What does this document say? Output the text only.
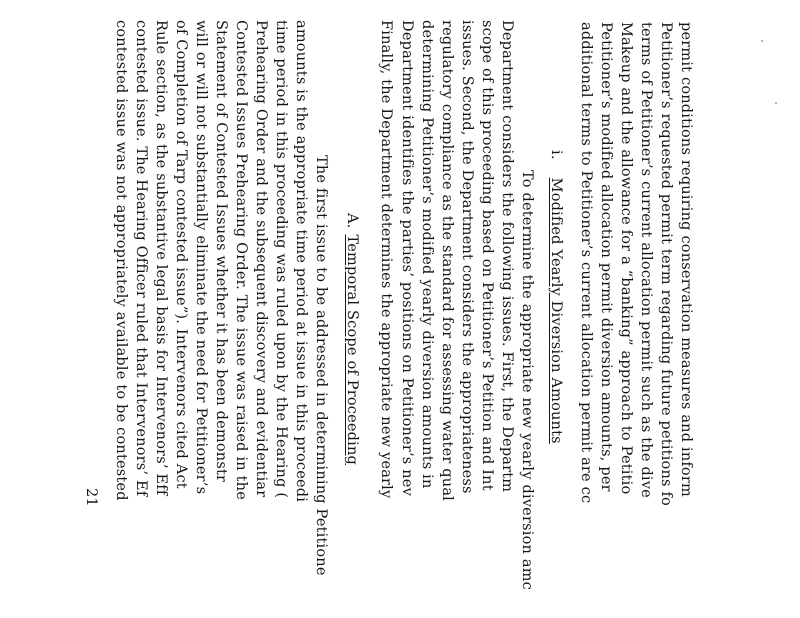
permit conditions requiring conservation measures and inform
Petitioner’s requested permit term regarding future petitions fo
terms of Petitioner’s current allocation permit such as the dive
Makeup and the allowance for a “banking” approach to Petitio
Petitioner’s modified allocation permit diversion amounts, per
additional terms to Petitioner’s current allocation permit are cc
i.Modified Yearly Diversion Amounts
To determine the appropriate new yearly diversion amc
Department considers the following issues. First, the Departm
scope of this proceeding based on Petitioner’s Petition and Int
issues. Second, the Department considers the appropriateness
regulatory compliance as the standard for assessing water qual
determining Petitioner’s modified yearly diversion amounts in
Department identifies the parties’ positions on Petitioner’s nev
Finally, the Department determines the appropriate new yearly
A.Temporal Scope of Proceeding
The first issue to be addressed in determining Petitione
amounts is the appropriate time period at issue in this proceedi
time period in this proceeding was ruled upon by the Hearing (
Prehearing Order and the subsequent discovery and evidentiar
Contested Issues Prehearing Order. The issue was raised in the
Statement of Contested Issues whether it has been demonstr
will or will not substantially eliminate the need for Petitioner’s
of Completion of Tarp contested issue”). Intervenors cited Act
Rule section, as the substantive legal basis for Intervenors’ Eff
contested issue. The Hearing Officer ruled that Intervenors’ Ef
contested issue was not appropriately available to be contested
21
